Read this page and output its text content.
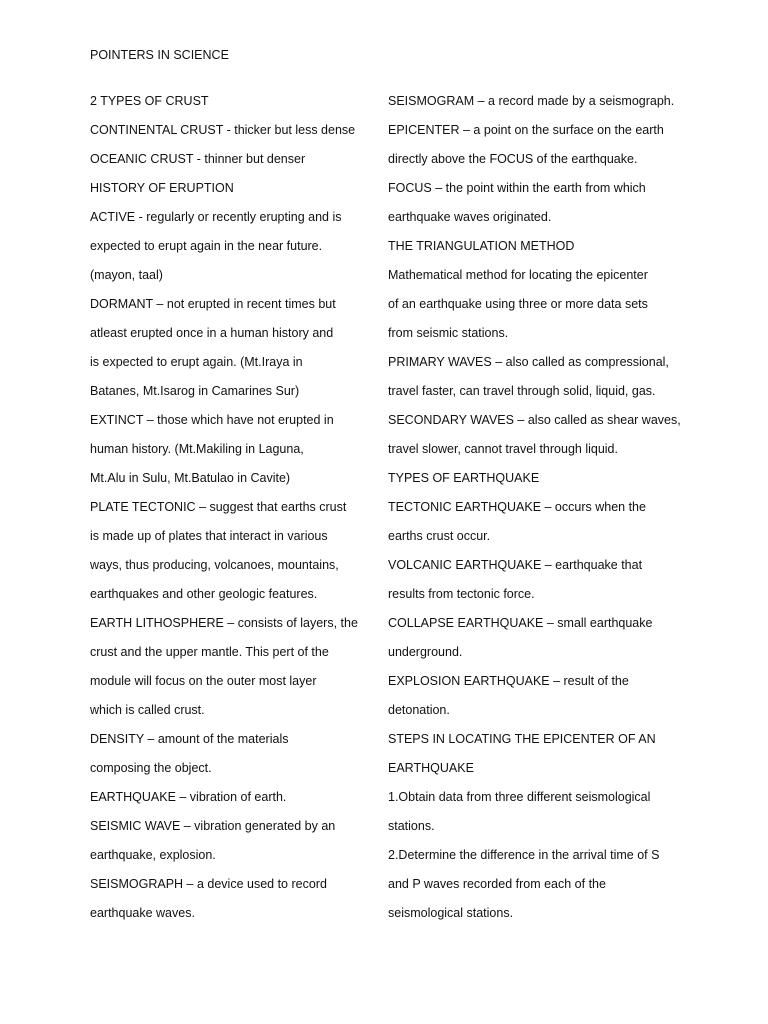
POINTERS IN SCIENCE
2 TYPES OF CRUST
CONTINENTAL CRUST - thicker but less dense
OCEANIC CRUST - thinner but denser
HISTORY OF ERUPTION
ACTIVE - regularly or recently erupting and is
expected to erupt again in the near future.
(mayon, taal)
DORMANT – not erupted in recent times but
atleast erupted once in a human history and
is expected to erupt again. (Mt.Iraya in
Batanes, Mt.Isarog in Camarines Sur)
EXTINCT – those which have not erupted in
human history. (Mt.Makiling in Laguna,
Mt.Alu in Sulu, Mt.Batulao in Cavite)
PLATE TECTONIC – suggest that earths crust
is made up of plates that interact in various
ways, thus producing, volcanoes, mountains,
earthquakes and other geologic features.
EARTH LITHOSPHERE – consists of layers, the
crust and the upper mantle. This pert of the
module will focus on the outer most layer
which is called crust.
DENSITY – amount of the materials
composing the object.
EARTHQUAKE – vibration of earth.
SEISMIC WAVE – vibration generated by an
earthquake, explosion.
SEISMOGRAPH – a device used to record
earthquake waves.
SEISMOGRAM – a record made by a seismograph.
EPICENTER – a point on the surface on the earth
directly above the FOCUS of the earthquake.
FOCUS – the point within the earth from which
earthquake waves originated.
THE TRIANGULATION METHOD
Mathematical method for locating the epicenter
of an earthquake using three or more data sets
from seismic stations.
PRIMARY WAVES – also called as compressional,
travel faster, can travel through solid, liquid, gas.
SECONDARY WAVES – also called as shear waves,
travel slower, cannot travel through liquid.
TYPES OF EARTHQUAKE
TECTONIC EARTHQUAKE – occurs when the
earths crust occur.
VOLCANIC EARTHQUAKE – earthquake that
results from tectonic force.
COLLAPSE EARTHQUAKE – small earthquake
underground.
EXPLOSION EARTHQUAKE – result of the
detonation.
STEPS IN LOCATING THE EPICENTER OF AN
EARTHQUAKE
1.Obtain data from three different seismological
stations.
2.Determine the difference in the arrival time of S
and P waves recorded from each of the
seismological stations.
